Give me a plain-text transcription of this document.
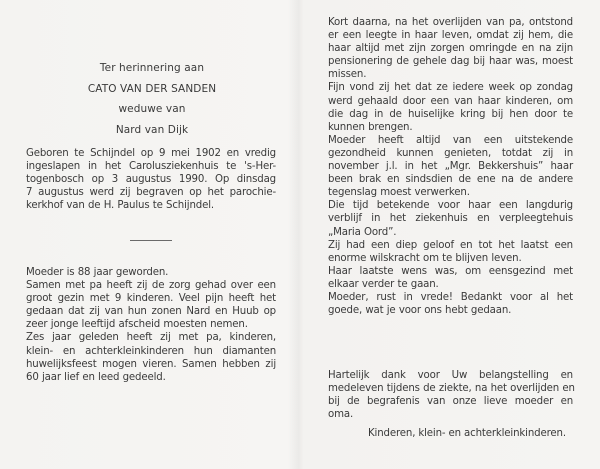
Ter herinnering aan
CATO VAN DER SANDEN
weduwe van
Nard van Dijk
Geboren te Schijndel op 9 mei 1902 en vredig
ingeslapen in het Carolusziekenhuis te 's-Her-
togenbosch op 3 augustus 1990. Op dinsdag
7 augustus werd zij begraven op het parochie-
kerkhof van de H. Paulus te Schijndel.
Moeder is 88 jaar geworden.
Samen met pa heeft zij de zorg gehad over een
groot gezin met 9 kinderen. Veel pijn heeft het
gedaan dat zij van hun zonen Nard en Huub op
zeer jonge leeftijd afscheid moesten nemen.
Zes jaar geleden heeft zij met pa, kinderen,
klein- en achterkleinkinderen hun diamanten
huwelijksfeest mogen vieren. Samen hebben zij
60 jaar lief en leed gedeeld.
Kort daarna, na het overlijden van pa, ontstond
er een leegte in haar leven, omdat zij hem, die
haar altijd met zijn zorgen omringde en na zijn
pensionering de gehele dag bij haar was, moest
missen.
Fijn vond zij het dat ze iedere week op zondag
werd gehaald door een van haar kinderen, om
die dag in de huiselijke kring bij hen door te
kunnen brengen.
Moeder heeft altijd van een uitstekende
gezondheid kunnen genieten, totdat zij in
november j.l. in het „Mgr. Bekkershuis” haar
been brak en sindsdien de ene na de andere
tegenslag moest verwerken.
Die tijd betekende voor haar een langdurig
verblijf in het ziekenhuis en verpleegtehuis
„Maria Oord”.
Zij had een diep geloof en tot het laatst een
enorme wilskracht om te blijven leven.
Haar laatste wens was, om eensgezind met
elkaar verder te gaan.
Moeder, rust in vrede! Bedankt voor al het
goede, wat je voor ons hebt gedaan.
Hartelijk dank voor Uw belangstelling en
medeleven tijdens de ziekte, na het overlijden en
bij de begrafenis van onze lieve moeder en
oma.
Kinderen, klein- en achterkleinkinderen.
